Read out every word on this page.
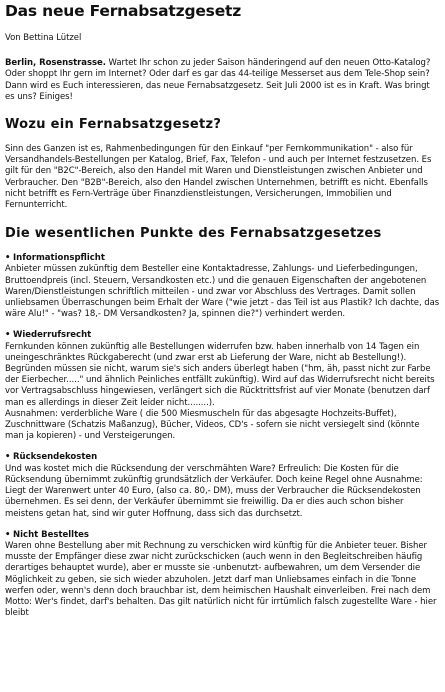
Das neue Fernabsatzgesetz

Von Bettina Lützel

Berlin, Rosenstrasse. Wartet Ihr schon zu jeder Saison händeringend auf den neuen Otto-Katalog? Oder shoppt Ihr gern im Internet? Oder darf es gar das 44-teilige Messerset aus dem Tele-Shop sein? Dann wird es Euch interessieren, das neue Fernabsatzgesetz. Seit Juli 2000 ist es in Kraft. Was bringt es uns? Einiges!

Wozu ein Fernabsatzgesetz?

Sinn des Ganzen ist es, Rahmenbedingungen für den Einkauf "per Fernkommunikation" - also für Versandhandels-Bestellungen per Katalog, Brief, Fax, Telefon - und auch per Internet festzusetzen. Es gilt für den "B2C"-Bereich, also den Handel mit Waren und Dienstleistungen zwischen Anbieter und Verbraucher. Den "B2B"-Bereich, also den Handel zwischen Unternehmen, betrifft es nicht. Ebenfalls nicht betrifft es Fern-Verträge über Finanzdienstleistungen, Versicherungen, Immobilien und Fernunterricht.

Die wesentlichen Punkte des Fernabsatzgesetzes
• Informationspflicht

Anbieter müssen zukünftig dem Besteller eine Kontaktadresse, Zahlungs- und Lieferbedingungen, Bruttoendpreis (incl. Steuern, Versandkosten etc.) und die genauen Eigenschaften der angebotenen Waren/Dienstleistungen schriftlich mitteilen - und zwar vor Abschluss des Vertrages. Damit sollen unliebsamen Überraschungen beim Erhalt der Ware ("wie jetzt - das Teil ist aus Plastik? Ich dachte, das wäre Alu!" - "was? 18,- DM Versandkosten? Ja, spinnen die?") verhindert werden.

• Wiederrufsrecht

Fernkunden können zukünftig alle Bestellungen widerrufen bzw. haben innerhalb von 14 Tagen ein uneingeschränktes Rückgaberecht (und zwar erst ab Lieferung der Ware, nicht ab Bestellung!). Begründen müssen sie nicht, warum sie's sich anders überlegt haben ("hm, äh, passt nicht zur Farbe der Eierbecher....." und ähnlich Peinliches entfällt zukünftig). Wird auf das Widerrufsrecht nicht bereits vor Vertragsabschluss hingewiesen, verlängert sich die Rücktrittsfrist auf vier Monate (benutzen darf man es allerdings in dieser Zeit leider nicht........).

Ausnahmen: verderbliche Ware ( die 500 Miesmuscheln für das abgesagte Hochzeits-Buffet), Zuschnittware (Schatzis Maßanzug), Bücher, Videos, CD's - sofern sie nicht versiegelt sind (könnte man ja kopieren) - und Versteigerungen.

• Rücksendekosten

Und was kostet mich die Rücksendung der verschmähten Ware? Erfreulich: Die Kosten für die Rücksendung übernimmt zukünftig grundsätzlich der Verkäufer. Doch keine Regel ohne Ausnahme: Liegt der Warenwert unter 40 Euro, (also ca. 80,- DM), muss der Verbraucher die Rücksendekosten übernehmen. Es sei denn, der Verkäufer übernimmt sie freiwillig. Da er dies auch schon bisher meistens getan hat, sind wir guter Hoffnung, dass sich das durchsetzt.

• Nicht Bestelltes

Waren ohne Bestellung aber mit Rechnung zu verschicken wird künftig für die Anbieter teuer. Bisher musste der Empfänger diese zwar nicht zurückschicken (auch wenn in den Begleitschreiben häufig derartiges behauptet wurde), aber er musste sie -unbenutzt- aufbewahren, um dem Versender die Möglichkeit zu geben, sie sich wieder abzuholen. Jetzt darf man Unliebsames einfach in die Tonne werfen oder, wenn's denn doch brauchbar ist, dem heimischen Haushalt einverleiben. Frei nach dem Motto: Wer's findet, darf's behalten. Das gilt natürlich nicht für irrtümlich falsch zugestellte Ware - hier bleibt
